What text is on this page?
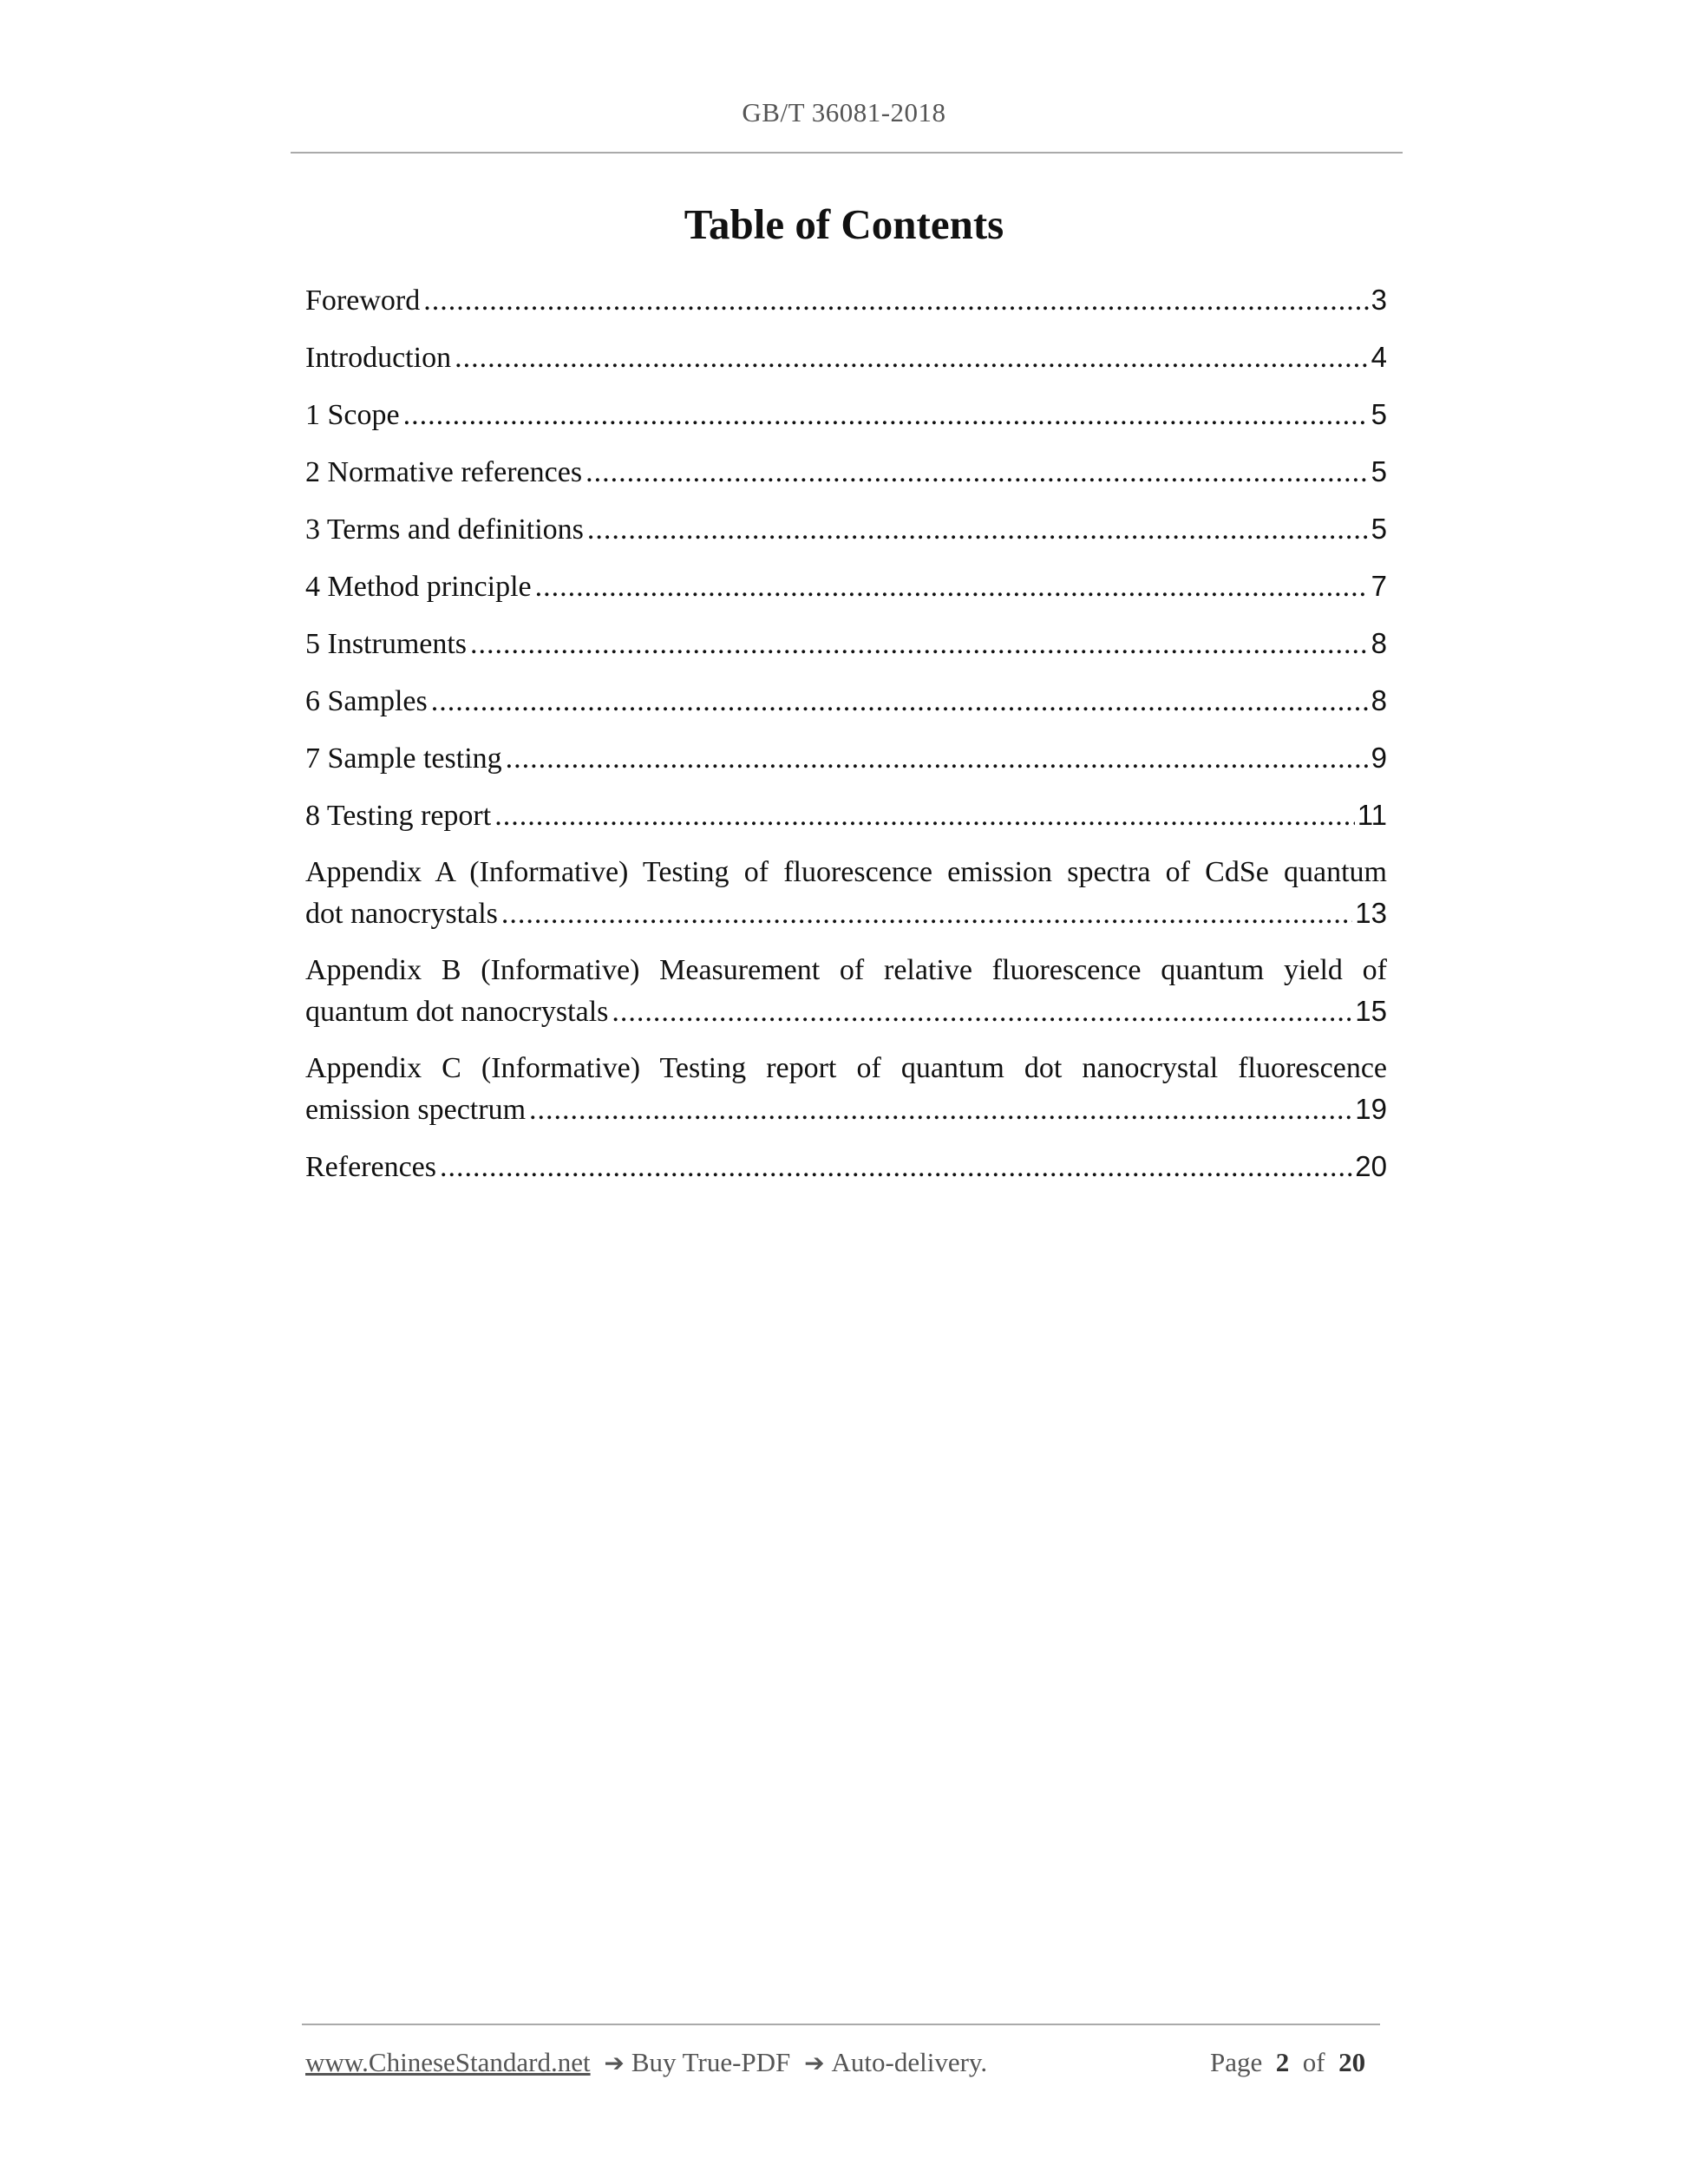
GB/T 36081-2018
Table of Contents
Foreword .....	3
Introduction .....	4
1 Scope .....	5
2 Normative references .....	5
3 Terms and definitions .....	5
4 Method principle .....	7
5 Instruments .....	8
6 Samples .....	8
7 Sample testing .....	9
8 Testing report .....	11
Appendix A (Informative) Testing of fluorescence emission spectra of CdSe quantum
dot nanocrystals .....	13
Appendix B (Informative) Measurement of relative fluorescence quantum yield of
quantum dot nanocrystals .....	15
Appendix C (Informative) Testing report of quantum dot nanocrystal fluorescence
emission spectrum .....	19
References .....	20
www.ChineseStandard.net ➔ Buy True-PDF ➔ Auto-delivery.	Page 2 of 20
